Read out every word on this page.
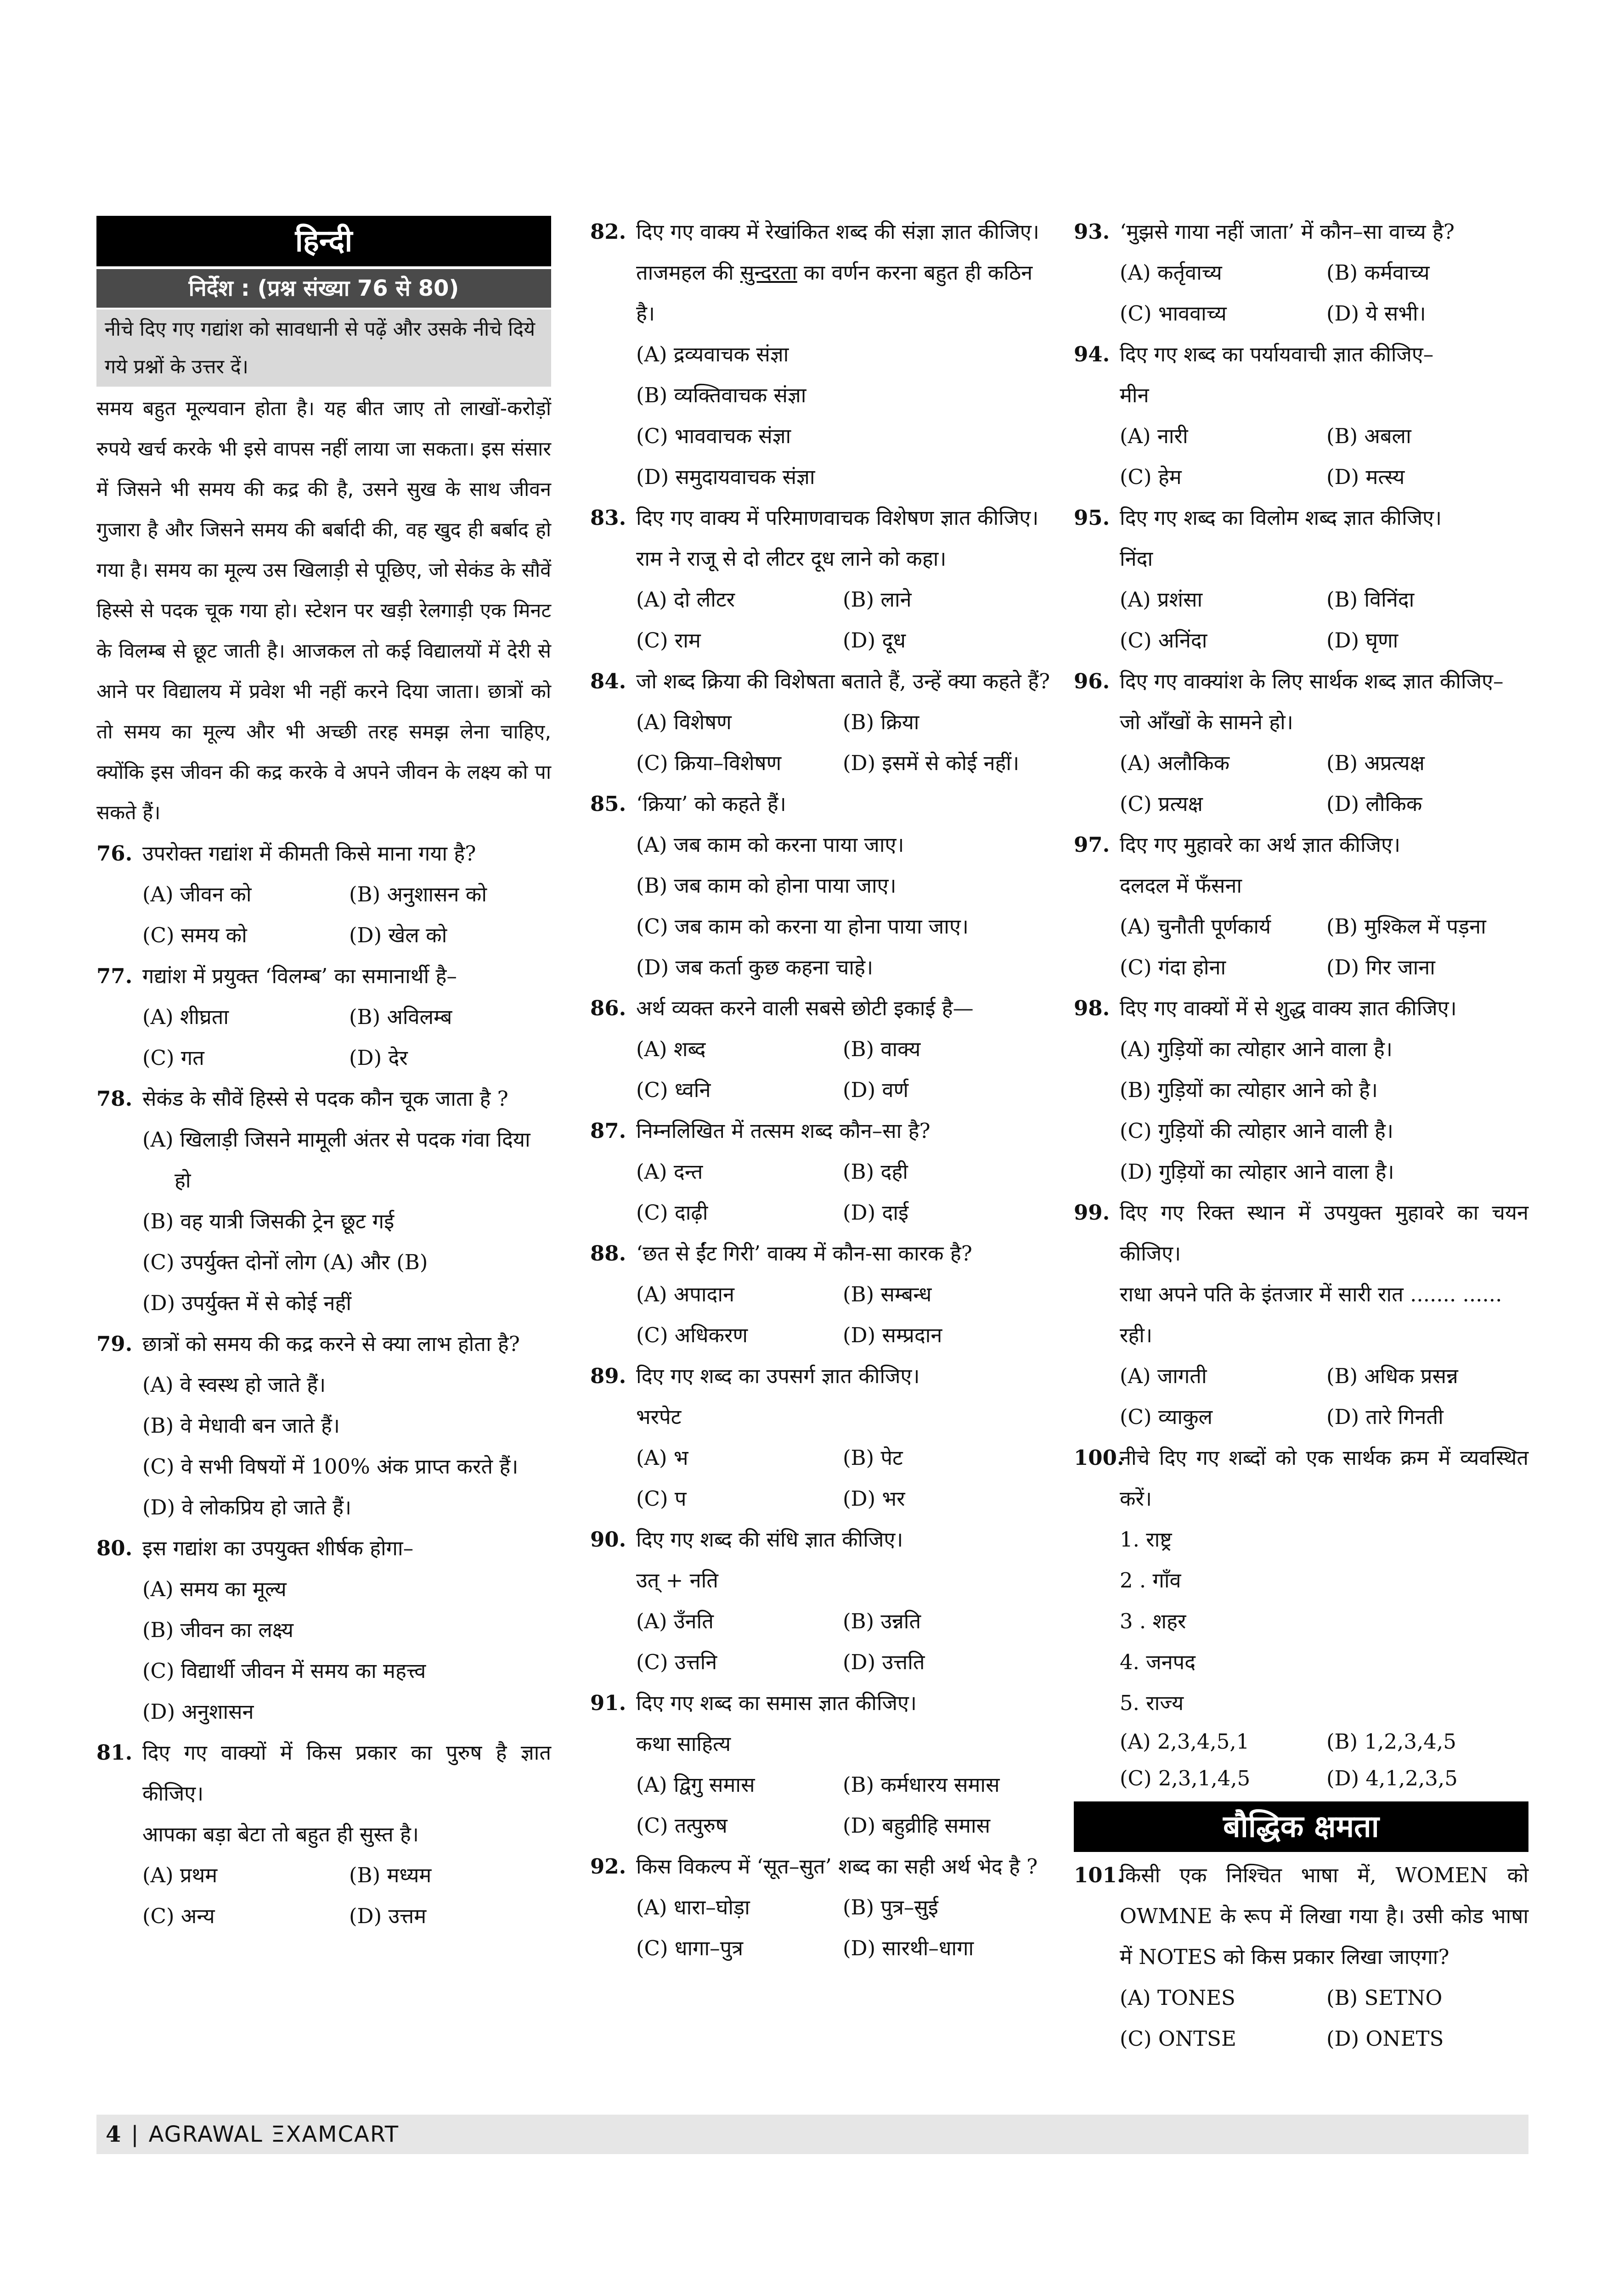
हिन्दी
निर्देश : (प्रश्न संख्या 76 से 80)
नीचे दिए गए गद्यांश को सावधानी से पढ़ें और उसके नीचे दिये गये प्रश्नों के उत्तर दें।
समय बहुत मूल्यवान होता है। यह बीत जाए तो लाखों-करोड़ों रुपये खर्च करके भी इसे वापस नहीं लाया जा सकता। इस संसार में जिसने भी समय की कद्र की है, उसने सुख के साथ जीवन गुजारा है और जिसने समय की बर्बादी की, वह खुद ही बर्बाद हो गया है। समय का मूल्य उस खिलाड़ी से पूछिए, जो सेकंड के सौवें हिस्से से पदक चूक गया हो। स्टेशन पर खड़ी रेलगाड़ी एक मिनट के विलम्ब से छूट जाती है। आजकल तो कई विद्यालयों में देरी से आने पर विद्यालय में प्रवेश भी नहीं करने दिया जाता। छात्रों को तो समय का मूल्य और भी अच्छी तरह समझ लेना चाहिए, क्योंकि इस जीवन की कद्र करके वे अपने जीवन के लक्ष्य को पा सकते हैं।
76. उपरोक्त गद्यांश में कीमती किसे माना गया है?
(A) जीवन को	(B) अनुशासन को
(C) समय को	(D) खेल को
77. गद्यांश में प्रयुक्त ‘विलम्ब’ का समानार्थी है–
(A) शीघ्रता	(B) अविलम्ब
(C) गत	(D) देर
78. सेकंड के सौवें हिस्से से पदक कौन चूक जाता है ?
(A) खिलाड़ी जिसने मामूली अंतर से पदक गंवा दिया हो
(B) वह यात्री जिसकी ट्रेन छूट गई
(C) उपर्युक्त दोनों लोग (A) और (B)
(D) उपर्युक्त में से कोई नहीं
79. छात्रों को समय की कद्र करने से क्या लाभ होता है?
(A) वे स्वस्थ हो जाते हैं।
(B) वे मेधावी बन जाते हैं।
(C) वे सभी विषयों में 100% अंक प्राप्त करते हैं।
(D) वे लोकप्रिय हो जाते हैं।
80. इस गद्यांश का उपयुक्त शीर्षक होगा–
(A) समय का मूल्य
(B) जीवन का लक्ष्य
(C) विद्यार्थी जीवन में समय का महत्त्व
(D) अनुशासन
81. दिए गए वाक्यों में किस प्रकार का पुरुष है ज्ञात कीजिए।
आपका बड़ा बेटा तो बहुत ही सुस्त है।
(A) प्रथम	(B) मध्यम
(C) अन्य	(D) उत्तम
82. दिए गए वाक्य में रेखांकित शब्द की संज्ञा ज्ञात कीजिए।
ताजमहल की सुन्दरता का वर्णन करना बहुत ही कठिन है।
(A) द्रव्यवाचक संज्ञा
(B) व्यक्तिवाचक संज्ञा
(C) भाववाचक संज्ञा
(D) समुदायवाचक संज्ञा
83. दिए गए वाक्य में परिमाणवाचक विशेषण ज्ञात कीजिए।
राम ने राजू से दो लीटर दूध लाने को कहा।
(A) दो लीटर	(B) लाने
(C) राम	(D) दूध
84. जो शब्द क्रिया की विशेषता बताते हैं, उन्हें क्या कहते हैं?
(A) विशेषण	(B) क्रिया
(C) क्रिया–विशेषण	(D) इसमें से कोई नहीं।
85. ‘क्रिया’ को कहते हैं।
(A) जब काम को करना पाया जाए।
(B) जब काम को होना पाया जाए।
(C) जब काम को करना या होना पाया जाए।
(D) जब कर्ता कुछ कहना चाहे।
86. अर्थ व्यक्त करने वाली सबसे छोटी इकाई है—
(A) शब्द	(B) वाक्य
(C) ध्वनि	(D) वर्ण
87. निम्नलिखित में तत्सम शब्द कौन–सा है?
(A) दन्त	(B) दही
(C) दाढ़ी	(D) दाई
88. ‘छत से ईंट गिरी’ वाक्य में कौन-सा कारक है?
(A) अपादान	(B) सम्बन्ध
(C) अधिकरण	(D) सम्प्रदान
89. दिए गए शब्द का उपसर्ग ज्ञात कीजिए।
भरपेट
(A) भ	(B) पेट
(C) प	(D) भर
90. दिए गए शब्द की संधि ज्ञात कीजिए।
उत् + नति
(A) उँनति	(B) उन्नति
(C) उत्तनि	(D) उत्तति
91. दिए गए शब्द का समास ज्ञात कीजिए।
कथा साहित्य
(A) द्विगु समास	(B) कर्मधारय समास
(C) तत्पुरुष	(D) बहुव्रीहि समास
92. किस विकल्प में ‘सूत–सुत’ शब्द का सही अर्थ भेद है ?
(A) धारा–घोड़ा	(B) पुत्र–सुई
(C) धागा–पुत्र	(D) सारथी–धागा
93. ‘मुझसे गाया नहीं जाता’ में कौन–सा वाच्य है?
(A) कर्तृवाच्य	(B) कर्मवाच्य
(C) भाववाच्य	(D) ये सभी।
94. दिए गए शब्द का पर्यायवाची ज्ञात कीजिए–
मीन
(A) नारी	(B) अबला
(C) हेम	(D) मत्स्य
95. दिए गए शब्द का विलोम शब्द ज्ञात कीजिए।
निंदा
(A) प्रशंसा	(B) विनिंदा
(C) अनिंदा	(D) घृणा
96. दिए गए वाक्यांश के लिए सार्थक शब्द ज्ञात कीजिए–
जो आँखों के सामने हो।
(A) अलौकिक	(B) अप्रत्यक्ष
(C) प्रत्यक्ष	(D) लौकिक
97. दिए गए मुहावरे का अर्थ ज्ञात कीजिए।
दलदल में फँसना
(A) चुनौती पूर्णकार्य	(B) मुश्किल में पड़ना
(C) गंदा होना	(D) गिर जाना
98. दिए गए वाक्यों में से शुद्ध वाक्य ज्ञात कीजिए।
(A) गुड़ियों का त्योहार आने वाला है।
(B) गुड़ियों का त्योहार आने को है।
(C) गुड़ियों की त्योहार आने वाली है।
(D) गुड़ियों का त्योहार आने वाला है।
99. दिए गए रिक्त स्थान में उपयुक्त मुहावरे का चयन कीजिए।
राधा अपने पति के इंतजार में सारी रात ....... ...... रही।
(A) जागती	(B) अधिक प्रसन्न
(C) व्याकुल	(D) तारे गिनती
100.नीचे दिए गए शब्दों को एक सार्थक क्रम में व्यवस्थित करें।
1. राष्ट्र
2 . गाँव
3 . शहर
4. जनपद
5. राज्य
(A) 2,3,4,5,1	(B) 1,2,3,4,5
(C) 2,3,1,4,5	(D) 4,1,2,3,5
बौद्धिक क्षमता
101.किसी एक निश्चित भाषा में, WOMEN को OWMNE के रूप में लिखा गया है। उसी कोड भाषा में NOTES को किस प्रकार लिखा जाएगा?
(A) TONES	(B) SETNO
(C) ONTSE	(D) ONETS
4 | AGRAWAL ΞXAMCART
